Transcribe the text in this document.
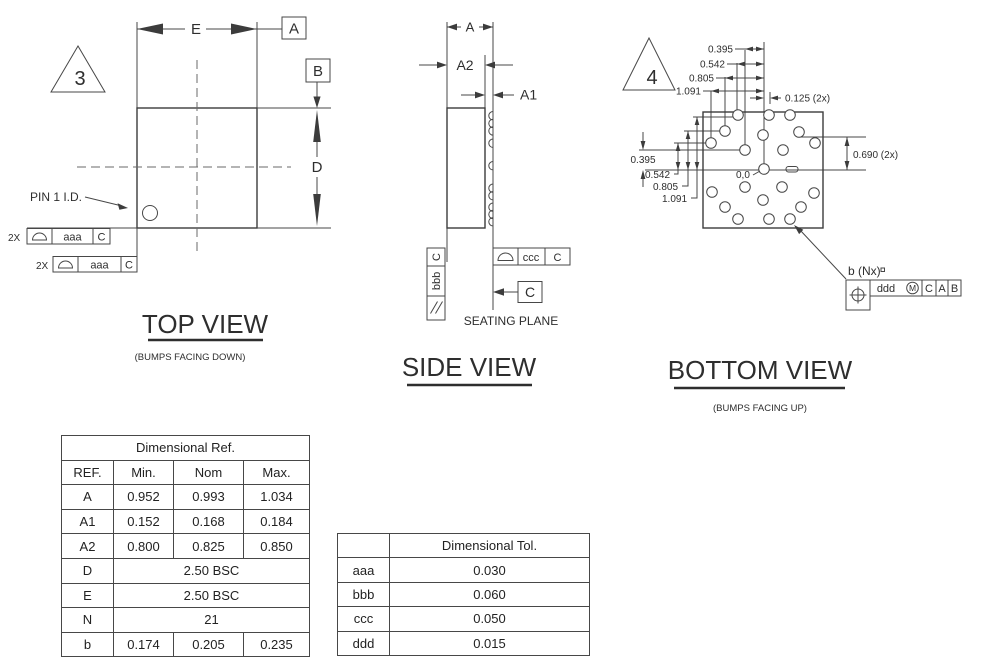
3
E	A
B
D
PIN 1 I.D.
2X	aaa C
2X	aaa C
TOP VIEW
(BUMPS FACING DOWN)
A
A2
A1
ccc C
C
bbb
C
SEATING PLANE
SIDE VIEW
4
0.395
0.542
0.805
1.091
0.125 (2x)
0.395
0.542
0.805
1.091
0.690 (2x)
0,0
b (Nx)
ddd M C A B
BOTTOM VIEW
(BUMPS FACING UP)
Dimensional Ref.			
REF.	Min.	Nom	Max.
A	0.952	0.993	1.034
A1	0.152	0.168	0.184
A2	0.800	0.825	0.850
D	2.50 BSC		
E	2.50 BSC		
N	21		
b	0.174	0.205	0.235
	Dimensional Tol.
aaa	0.030
bbb	0.060
ccc	0.050
ddd	0.015
